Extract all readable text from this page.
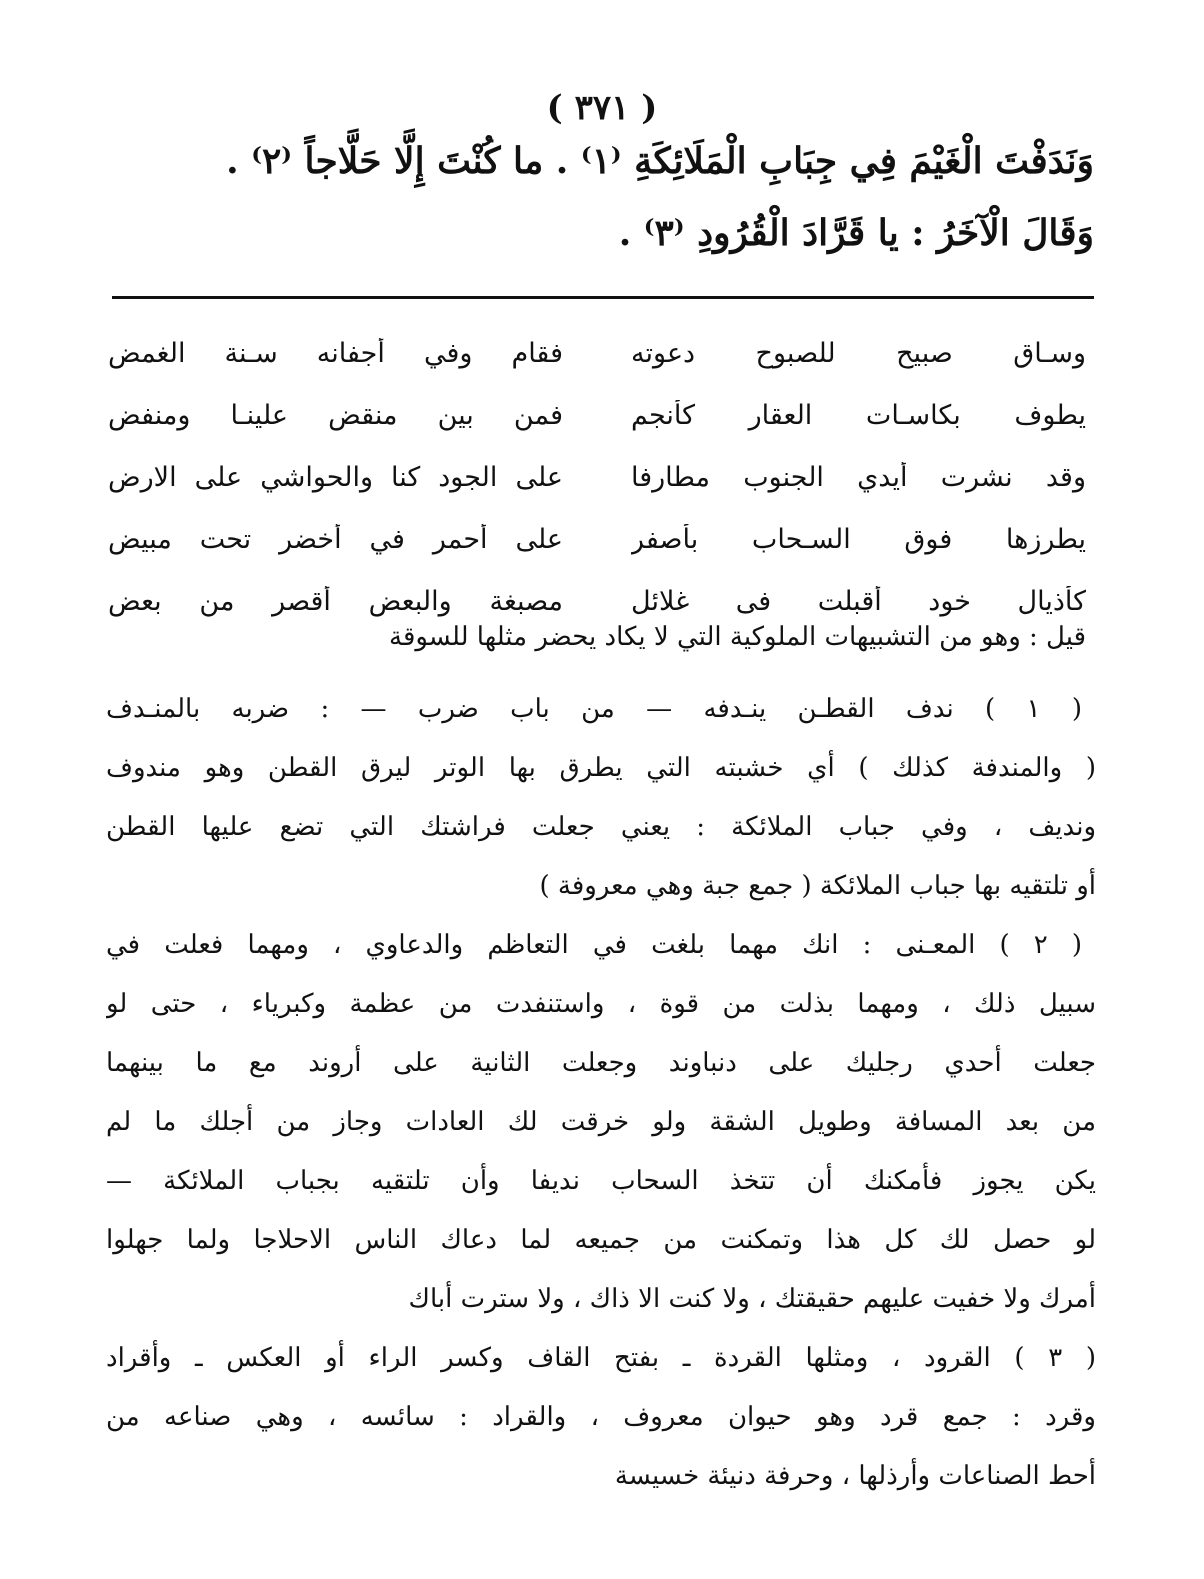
( ٣٧١ )
وَنَدَفْتَ الْغَيْمَ فِي جِبَابِ الْمَلَائِكَةِ ⁽١⁾ . ما كُنْتَ إِلَّا حَلَّاجاً ⁽٢⁾ .
وَقَالَ الْآخَرُ : يا قَرَّادَ الْقُرُودِ ⁽٣⁾ .
وسـاق صبيح للصبوح دعوته
فقام وفي أجفانه سـنة الغمض
يطوف بكاسـات العقار كأنجم
فمن بين منقض علينـا ومنفض
وقد نشرت أيدي الجنوب مطارفا
على الجود كنا والحواشي على الارض
يطرزها فوق السـحاب بأصفر
على أحمر في أخضر تحت مبيض
كأذيال خود أقبلت فى غلائل
مصبغة والبعض أقصر من بعض
قيل : وهو من التشبيهات الملوكية التي لا يكاد يحضر مثلها للسوقة
( ١ ) ندف القطـن ينـدفه — من باب ضرب — : ضربه بالمنـدف
( والمندفة كذلك ) أي خشبته التي يطرق بها الوتر ليرق القطن وهو مندوف
ونديف ، وفي جباب الملائكة : يعني جعلت فراشتك التي تضع عليها القطن
أو تلتقيه بها جباب الملائكة ( جمع جبة وهي معروفة )
( ٢ ) المعـنى : انك مهما بلغت في التعاظم والدعاوي ، ومهما فعلت في
سبيل ذلك ، ومهما بذلت من قوة ، واستنفدت من عظمة وكبرياء ، حتى لو
جعلت أحدي رجليك على دنباوند وجعلت الثانية على أروند مع ما بينهما
من بعد المسافة وطويل الشقة ولو خرقت لك العادات وجاز من أجلك ما لم
يكن يجوز فأمكنك أن تتخذ السحاب نديفا وأن تلتقيه بجباب الملائكة —
لو حصل لك كل هذا وتمكنت من جميعه لما دعاك الناس الاحلاجا ولما جهلوا
أمرك ولا خفيت عليهم حقيقتك ، ولا كنت الا ذاك ، ولا سترت أباك
( ٣ ) القرود ، ومثلها القردة ـ بفتح القاف وكسر الراء أو العكس ـ وأقراد
وقرد : جمع قرد وهو حيوان معروف ، والقراد : سائسه ، وهي صناعه من
أحط الصناعات وأرذلها ، وحرفة دنيئة خسيسة
